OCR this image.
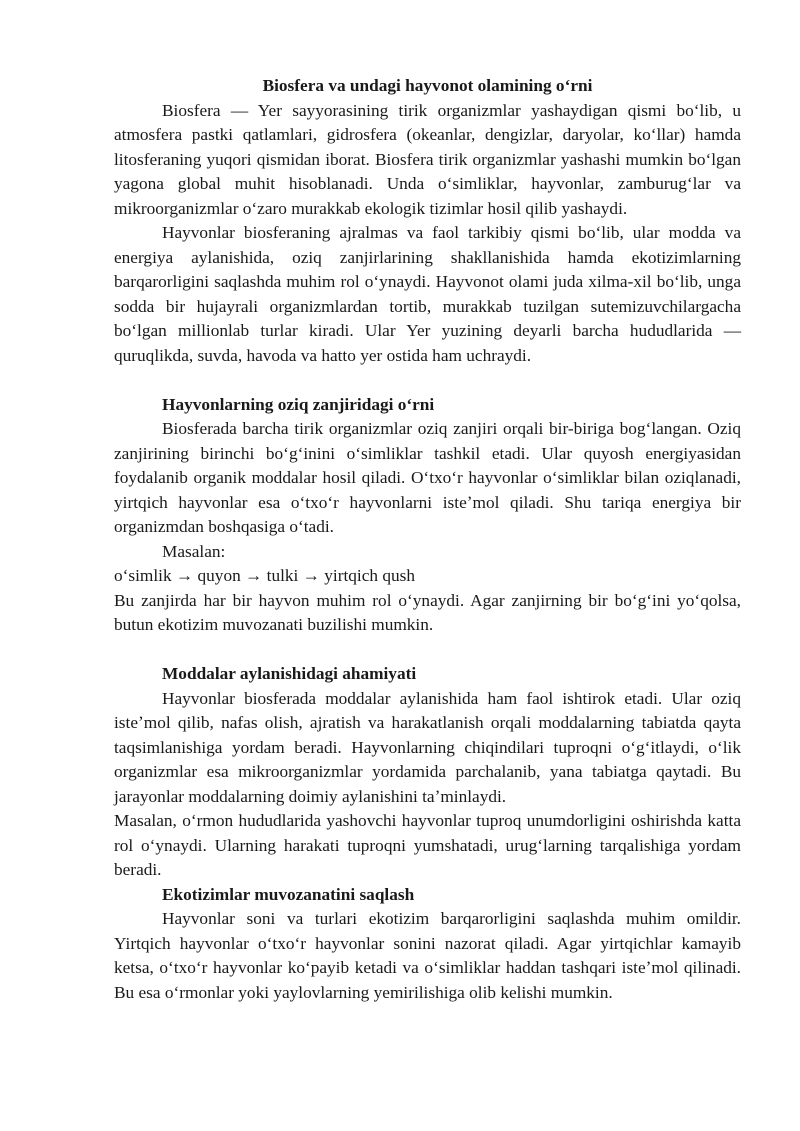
Biosfera va undagi hayvonot olamining oʻrni

Biosfera — Yer sayyorasining tirik organizmlar yashaydigan qismi boʻlib, u atmosfera pastki qatlamlari, gidrosfera (okeanlar, dengizlar, daryolar, koʻllar) hamda litosferaning yuqori qismidan iborat. Biosfera tirik organizmlar yashashi mumkin boʻlgan yagona global muhit hisoblanadi. Unda oʻsimliklar, hayvonlar, zamburugʻlar va mikroorganizmlar oʻzaro murakkab ekologik tizimlar hosil qilib yashaydi.

Hayvonlar biosferaning ajralmas va faol tarkibiy qismi boʻlib, ular modda va energiya aylanishida, oziq zanjirlarining shakllanishida hamda ekotizimlarning barqarorligini saqlashda muhim rol oʻynaydi. Hayvonot olami juda xilma-xil boʻlib, unga sodda bir hujayrali organizmlardan tortib, murakkab tuzilgan sutemizuvchilargacha boʻlgan millionlab turlar kiradi. Ular Yer yuzining deyarli barcha hududlarida — quruqlikda, suvda, havoda va hatto yer ostida ham uchraydi.

Hayvonlarning oziq zanjiridagi oʻrni

Biosferada barcha tirik organizmlar oziq zanjiri orqali bir-biriga bogʻlangan. Oziq zanjirining birinchi boʻgʻinini oʻsimliklar tashkil etadi. Ular quyosh energiyasidan foydalanib organik moddalar hosil qiladi. Oʻtxoʻr hayvonlar oʻsimliklar bilan oziqlanadi, yirtqich hayvonlar esa oʻtxoʻr hayvonlarni isteʼmol qiladi. Shu tariqa energiya bir organizmdan boshqasiga oʻtadi.

Masalan:

oʻsimlik → quyon → tulki → yirtqich qush

Bu zanjirda har bir hayvon muhim rol oʻynaydi. Agar zanjirning bir boʻgʻini yoʻqolsa, butun ekotizim muvozanati buzilishi mumkin.

Moddalar aylanishidagi ahamiyati

Hayvonlar biosferada moddalar aylanishida ham faol ishtirok etadi. Ular oziq isteʼmol qilib, nafas olish, ajratish va harakatlanish orqali moddalarning tabiatda qayta taqsimlanishiga yordam beradi. Hayvonlarning chiqindilari tuproqni oʻgʻitlaydi, oʻlik organizmlar esa mikroorganizmlar yordamida parchalanib, yana tabiatga qaytadi. Bu jarayonlar moddalarning doimiy aylanishini taʼminlaydi.

Masalan, oʻrmon hududlarida yashovchi hayvonlar tuproq unumdorligini oshirishda katta rol oʻynaydi. Ularning harakati tuproqni yumshatadi, urugʻlarning tarqalishiga yordam beradi.

Ekotizimlar muvozanatini saqlash

Hayvonlar soni va turlari ekotizim barqarorligini saqlashda muhim omildir. Yirtqich hayvonlar oʻtxoʻr hayvonlar sonini nazorat qiladi. Agar yirtqichlar kamayib ketsa, oʻtxoʻr hayvonlar koʻpayib ketadi va oʻsimliklar haddan tashqari isteʼmol qilinadi. Bu esa oʻrmonlar yoki yaylovlarning yemirilishiga olib kelishi mumkin.
